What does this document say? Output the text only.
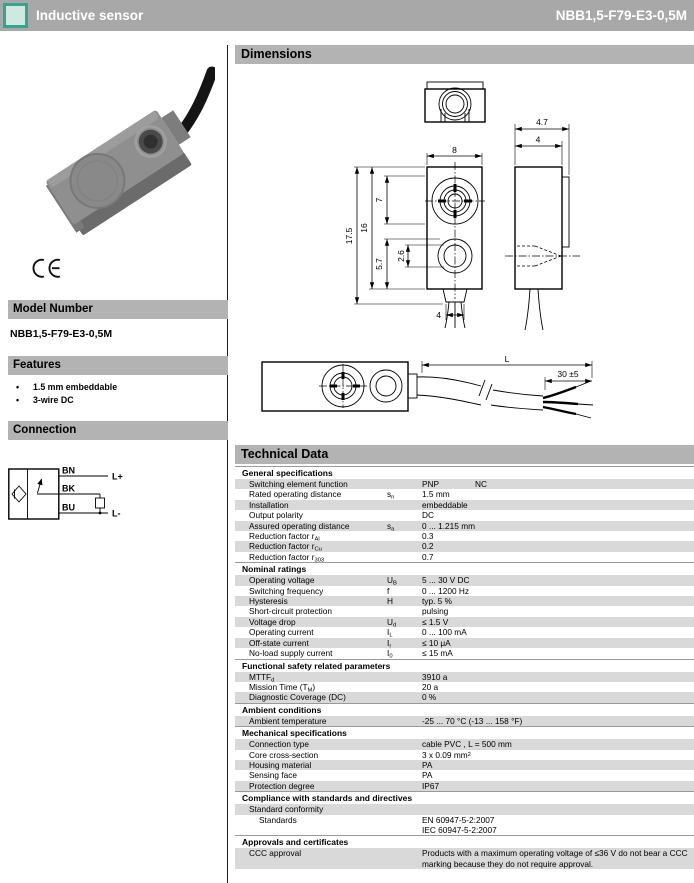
Inductive sensor	NBB1,5-F79-E3-0,5M
Model Number
NBB1,5-F79-E3-0,5M
Features
• 1.5 mm embeddable
• 3-wire DC
Connection
BN
BK
BU
L+
L-
Dimensions
8
17.5 16
7
5.7
2.6
4
4.7
4
L
30 ±5
Technical Data
General specifications
Switching element function	PNP	NC
Rated operating distance	$s_n$	1.5 mm
Installation	embeddable
Output polarity	DC
Assured operating distance	$s_a$	0 ... 1.215 mm
Reduction factor $r_{Al}$	0.3
Reduction factor $r_{Cu}$	0.2
Reduction factor $r_{303}$	0.7
Nominal ratings
Operating voltage	$U_B$	5 ... 30 V DC
Switching frequency	f	0 ... 1200 Hz
Hysteresis	H	typ. 5 %
Short-circuit protection	pulsing
Voltage drop	$U_d$	≤ 1.5 V
Operating current	$I_L$	0 ... 100 mA
Off-state current	$I_r$	≤ 10 μA
No-load supply current	$I_0$	≤ 15 mA
Functional safety related parameters
$MTTF_d$	3910 a
Mission Time $(T_M)$	20 a
Diagnostic Coverage (DC)	0 %
Ambient conditions
Ambient temperature	-25 ... 70 °C (-13 ... 158 °F)
Mechanical specifications
Connection type	cable PVC , L = 500 mm
Core cross-section	3 x 0.09 $mm^2$
Housing material	PA
Sensing face	PA
Protection degree	IP67
Compliance with standards and directives
Standard conformity
Standards	EN 60947-5-2:2007
IEC 60947-5-2:2007
Approvals and certificates
CCC approval	Products with a maximum operating voltage of ≤36 V do not bear a CCC marking because they do not require approval.
